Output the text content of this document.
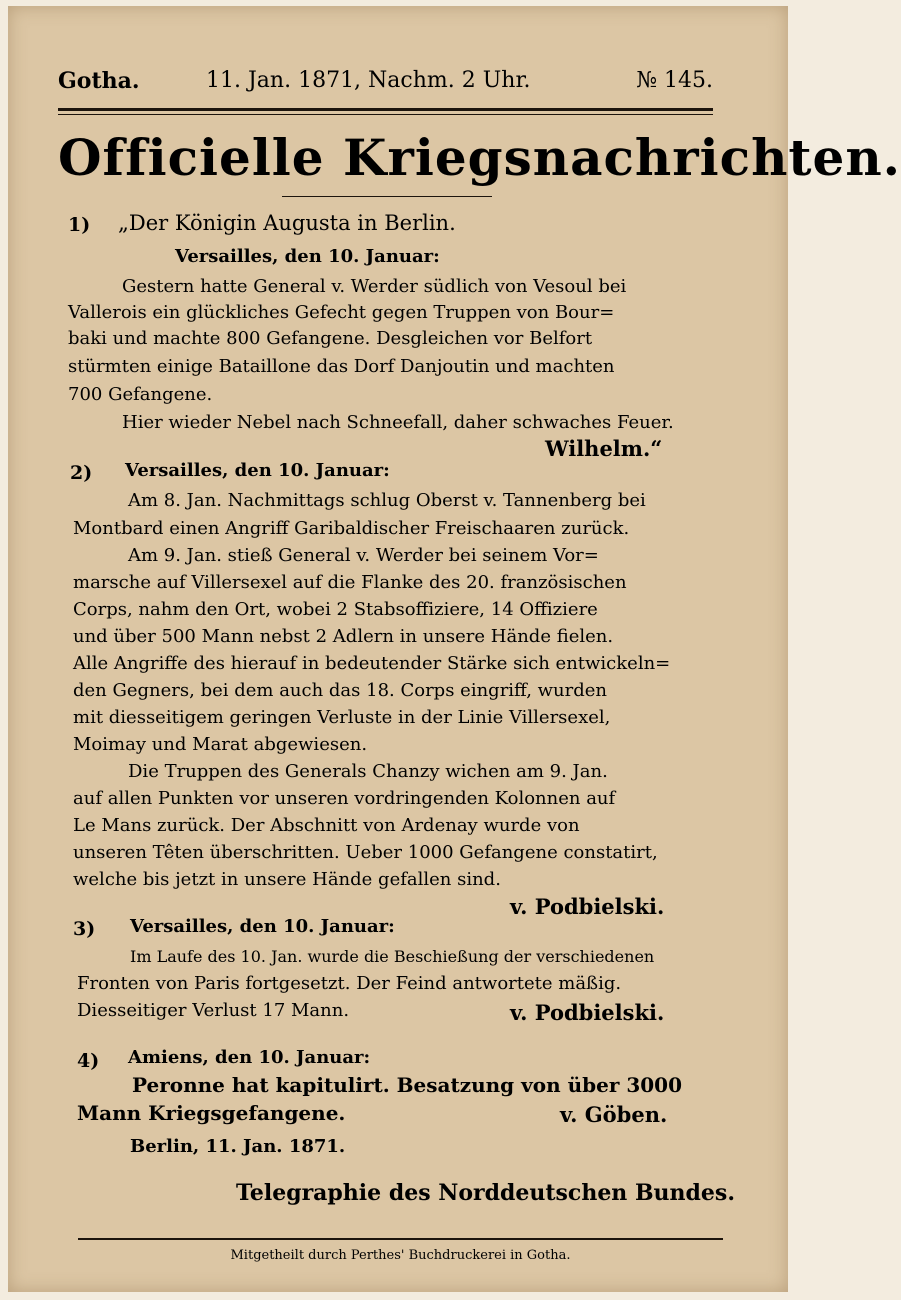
Gotha.	11. Jan. 1871, Nachm. 2 Uhr.	№ 145.
Officielle Kriegsnachrichten.
1) „Der Königin Augusta in Berlin.
Versailles, den 10. Januar:
Gestern hatte General v. Werder südlich von Vesoul bei
Vallerois ein glückliches Gefecht gegen Truppen von Bour=
baki und machte 800 Gefangene. Desgleichen vor Belfort
stürmten einige Bataillone das Dorf Danjoutin und machten
700 Gefangene.
Hier wieder Nebel nach Schneefall, daher schwaches Feuer.
Wilhelm.“
2) Versailles, den 10. Januar:
Am 8. Jan. Nachmittags schlug Oberst v. Tannenberg bei
Montbard einen Angriff Garibaldischer Freischaaren zurück.
Am 9. Jan. stieß General v. Werder bei seinem Vor=
marsche auf Villersexel auf die Flanke des 20. französischen
Corps, nahm den Ort, wobei 2 Stabsoffiziere, 14 Offiziere
und über 500 Mann nebst 2 Adlern in unsere Hände fielen.
Alle Angriffe des hierauf in bedeutender Stärke sich entwickeln=
den Gegners, bei dem auch das 18. Corps eingriff, wurden
mit diesseitigem geringen Verluste in der Linie Villersexel,
Moimay und Marat abgewiesen.
Die Truppen des Generals Chanzy wichen am 9. Jan.
auf allen Punkten vor unseren vordringenden Kolonnen auf
Le Mans zurück. Der Abschnitt von Ardenay wurde von
unseren Têten überschritten. Ueber 1000 Gefangene constatirt,
welche bis jetzt in unsere Hände gefallen sind.
v. Podbielski.
3) Versailles, den 10. Januar:
Im Laufe des 10. Jan. wurde die Beschießung der verschiedenen
Fronten von Paris fortgesetzt. Der Feind antwortete mäßig.
Diesseitiger Verlust 17 Mann.	v. Podbielski.
4) Amiens, den 10. Januar:
Peronne hat kapitulirt. Besatzung von über 3000
Mann Kriegsgefangene.	v. Göben.
Berlin, 11. Jan. 1871.
Telegraphie des Norddeutschen Bundes.
Mitgetheilt durch Perthes' Buchdruckerei in Gotha.
